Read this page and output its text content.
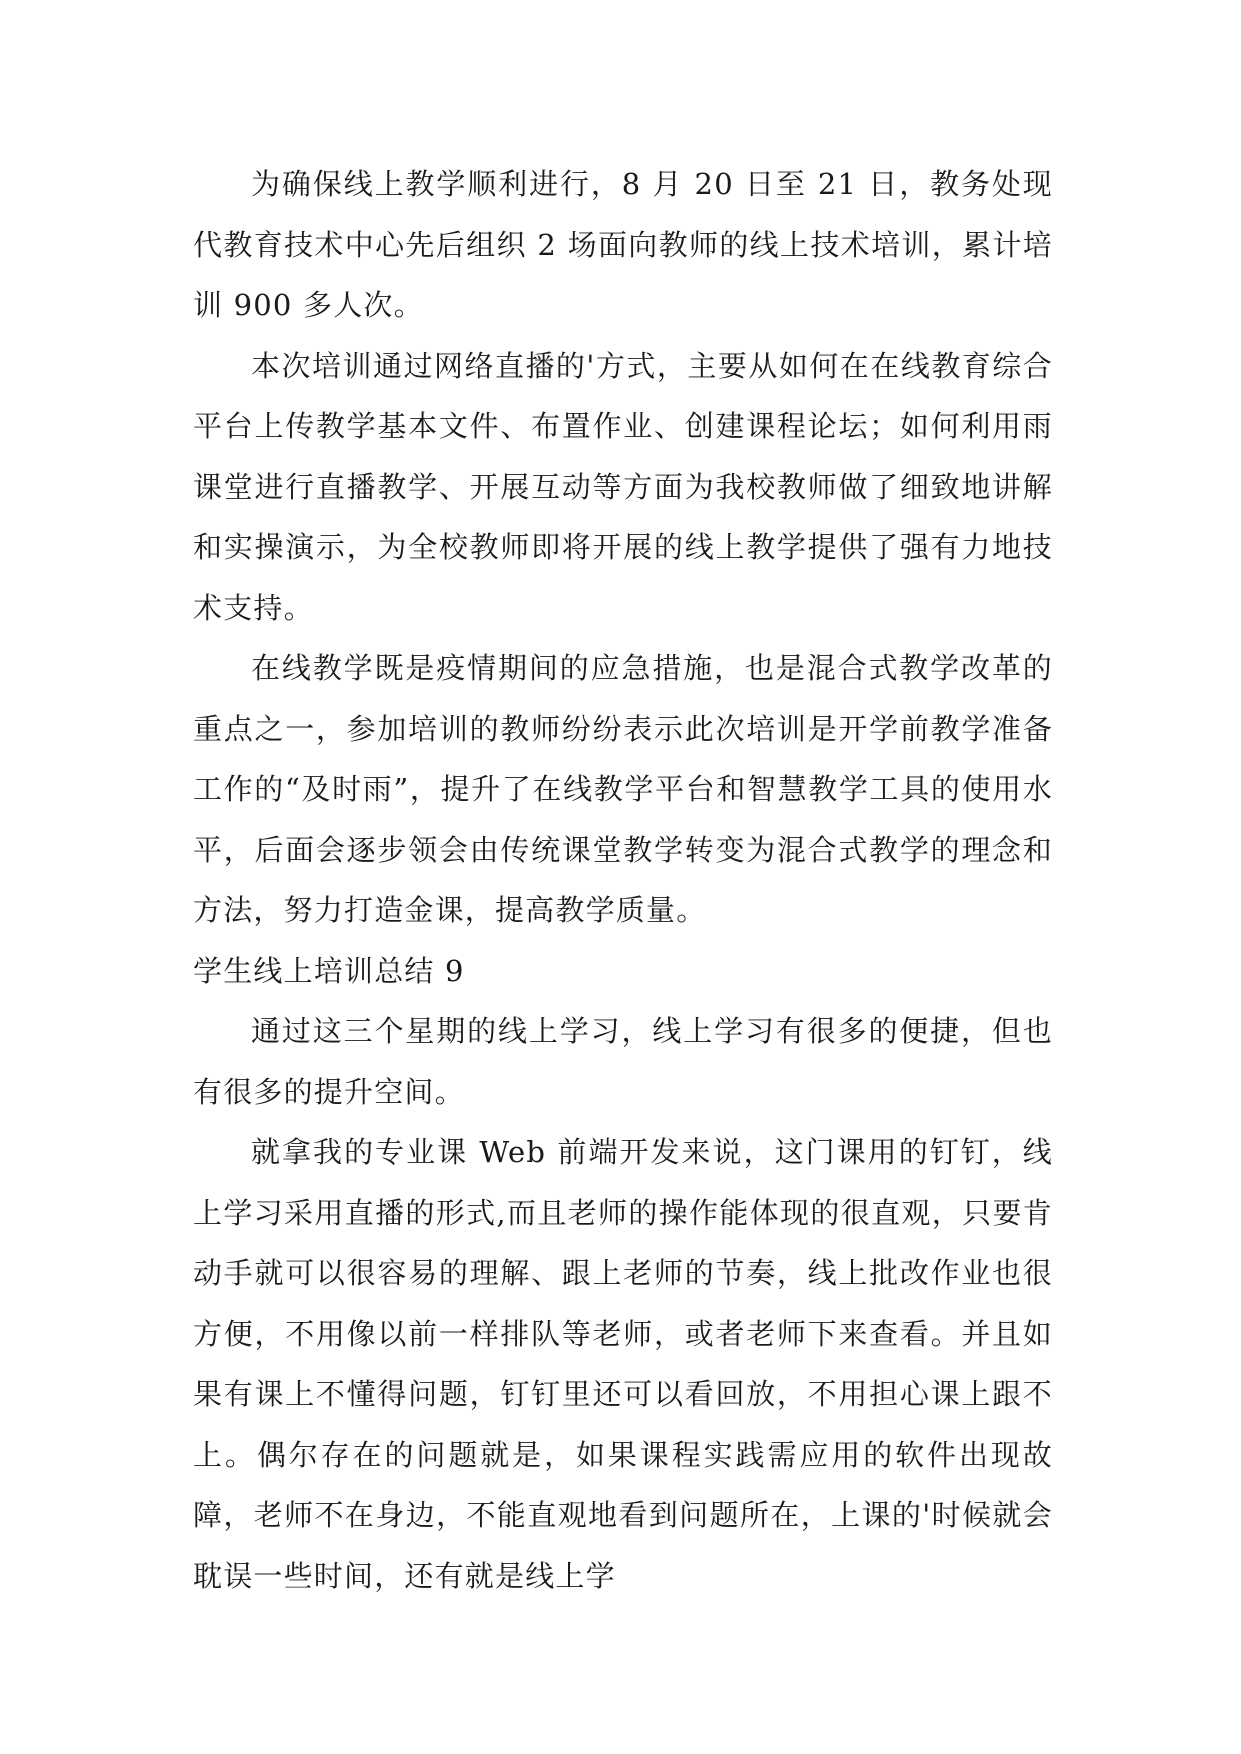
为确保线上教学顺利进行，8 月 20 日至 21 日，教务处现代教育技术中心先后组织 2 场面向教师的线上技术培训，累计培训 900 多人次。

本次培训通过网络直播的'方式，主要从如何在在线教育综合平台上传教学基本文件、布置作业、创建课程论坛；如何利用雨课堂进行直播教学、开展互动等方面为我校教师做了细致地讲解和实操演示，为全校教师即将开展的线上教学提供了强有力地技术支持。

在线教学既是疫情期间的应急措施，也是混合式教学改革的重点之一，参加培训的教师纷纷表示此次培训是开学前教学准备工作的“及时雨”，提升了在线教学平台和智慧教学工具的使用水平，后面会逐步领会由传统课堂教学转变为混合式教学的理念和方法，努力打造金课，提高教学质量。

学生线上培训总结 9

通过这三个星期的线上学习，线上学习有很多的便捷，但也有很多的提升空间。

就拿我的专业课 Web 前端开发来说，这门课用的钉钉，线上学习采用直播的形式,而且老师的操作能体现的很直观，只要肯动手就可以很容易的理解、跟上老师的节奏，线上批改作业也很方便，不用像以前一样排队等老师，或者老师下来查看。并且如果有课上不懂得问题，钉钉里还可以看回放，不用担心课上跟不上。偶尔存在的问题就是，如果课程实践需应用的软件出现故障，老师不在身边，不能直观地看到问题所在，上课的'时候就会耽误一些时间，还有就是线上学
